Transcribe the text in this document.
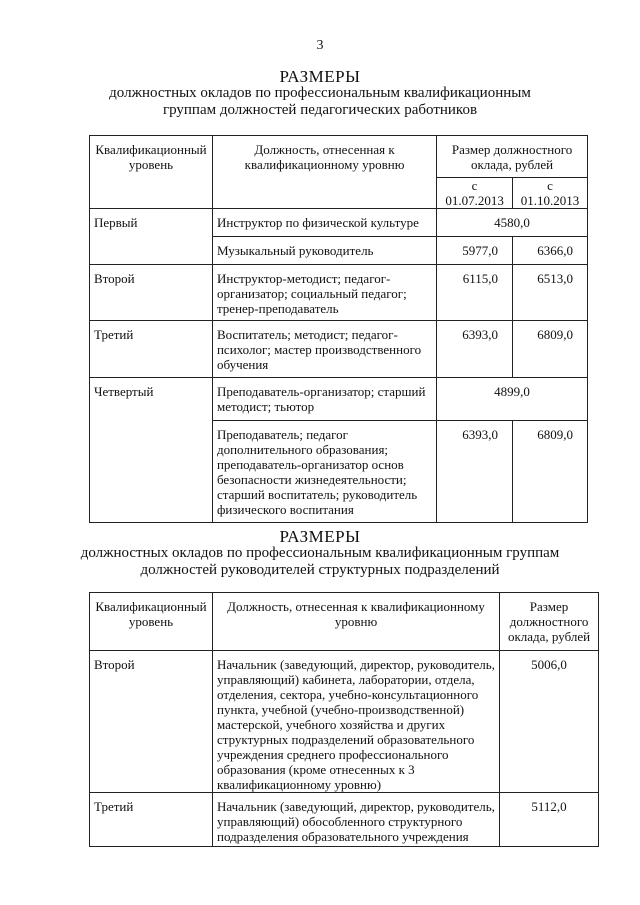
3
РАЗМЕРЫ
должностных окладов по профессиональным квалификационным
группам должностей педагогических работников
Квалификационный уровень	Должность, отнесенная к квалификационному уровню	Размер должностного оклада, рублей	
		с 01.07.2013	с 01.10.2013
Первый	Инструктор по физической культуре	4580,0	
	Музыкальный руководитель	5977,0	6366,0
Второй	Инструктор-методист; педагог-организатор; социальный педагог; тренер-преподаватель	6115,0	6513,0
Третий	Воспитатель; методист; педагог-психолог; мастер производственного обучения	6393,0	6809,0
Четвертый	Преподаватель-организатор; старший методист; тьютор	4899,0	
	Преподаватель; педагог дополнительного образования; преподаватель-организатор основ безопасности жизнедеятельности; старший воспитатель; руководитель физического воспитания	6393,0	6809,0
РАЗМЕРЫ
должностных окладов по профессиональным квалификационным группам
должностей руководителей структурных подразделений
Квалификационный уровень	Должность, отнесенная к квалификационному уровню	Размер должностного оклада, рублей
Второй	Начальник (заведующий, директор, руководитель, управляющий) кабинета, лаборатории, отдела, отделения, сектора, учебно-консультационного пункта, учебной (учебно-производственной) мастерской, учебного хозяйства и других структурных подразделений образовательного учреждения среднего профессионального образования (кроме отнесенных к 3 квалификационному уровню)	5006,0
Третий	Начальник (заведующий, директор, руководитель, управляющий) обособленного структурного подразделения образовательного учреждения	5112,0
